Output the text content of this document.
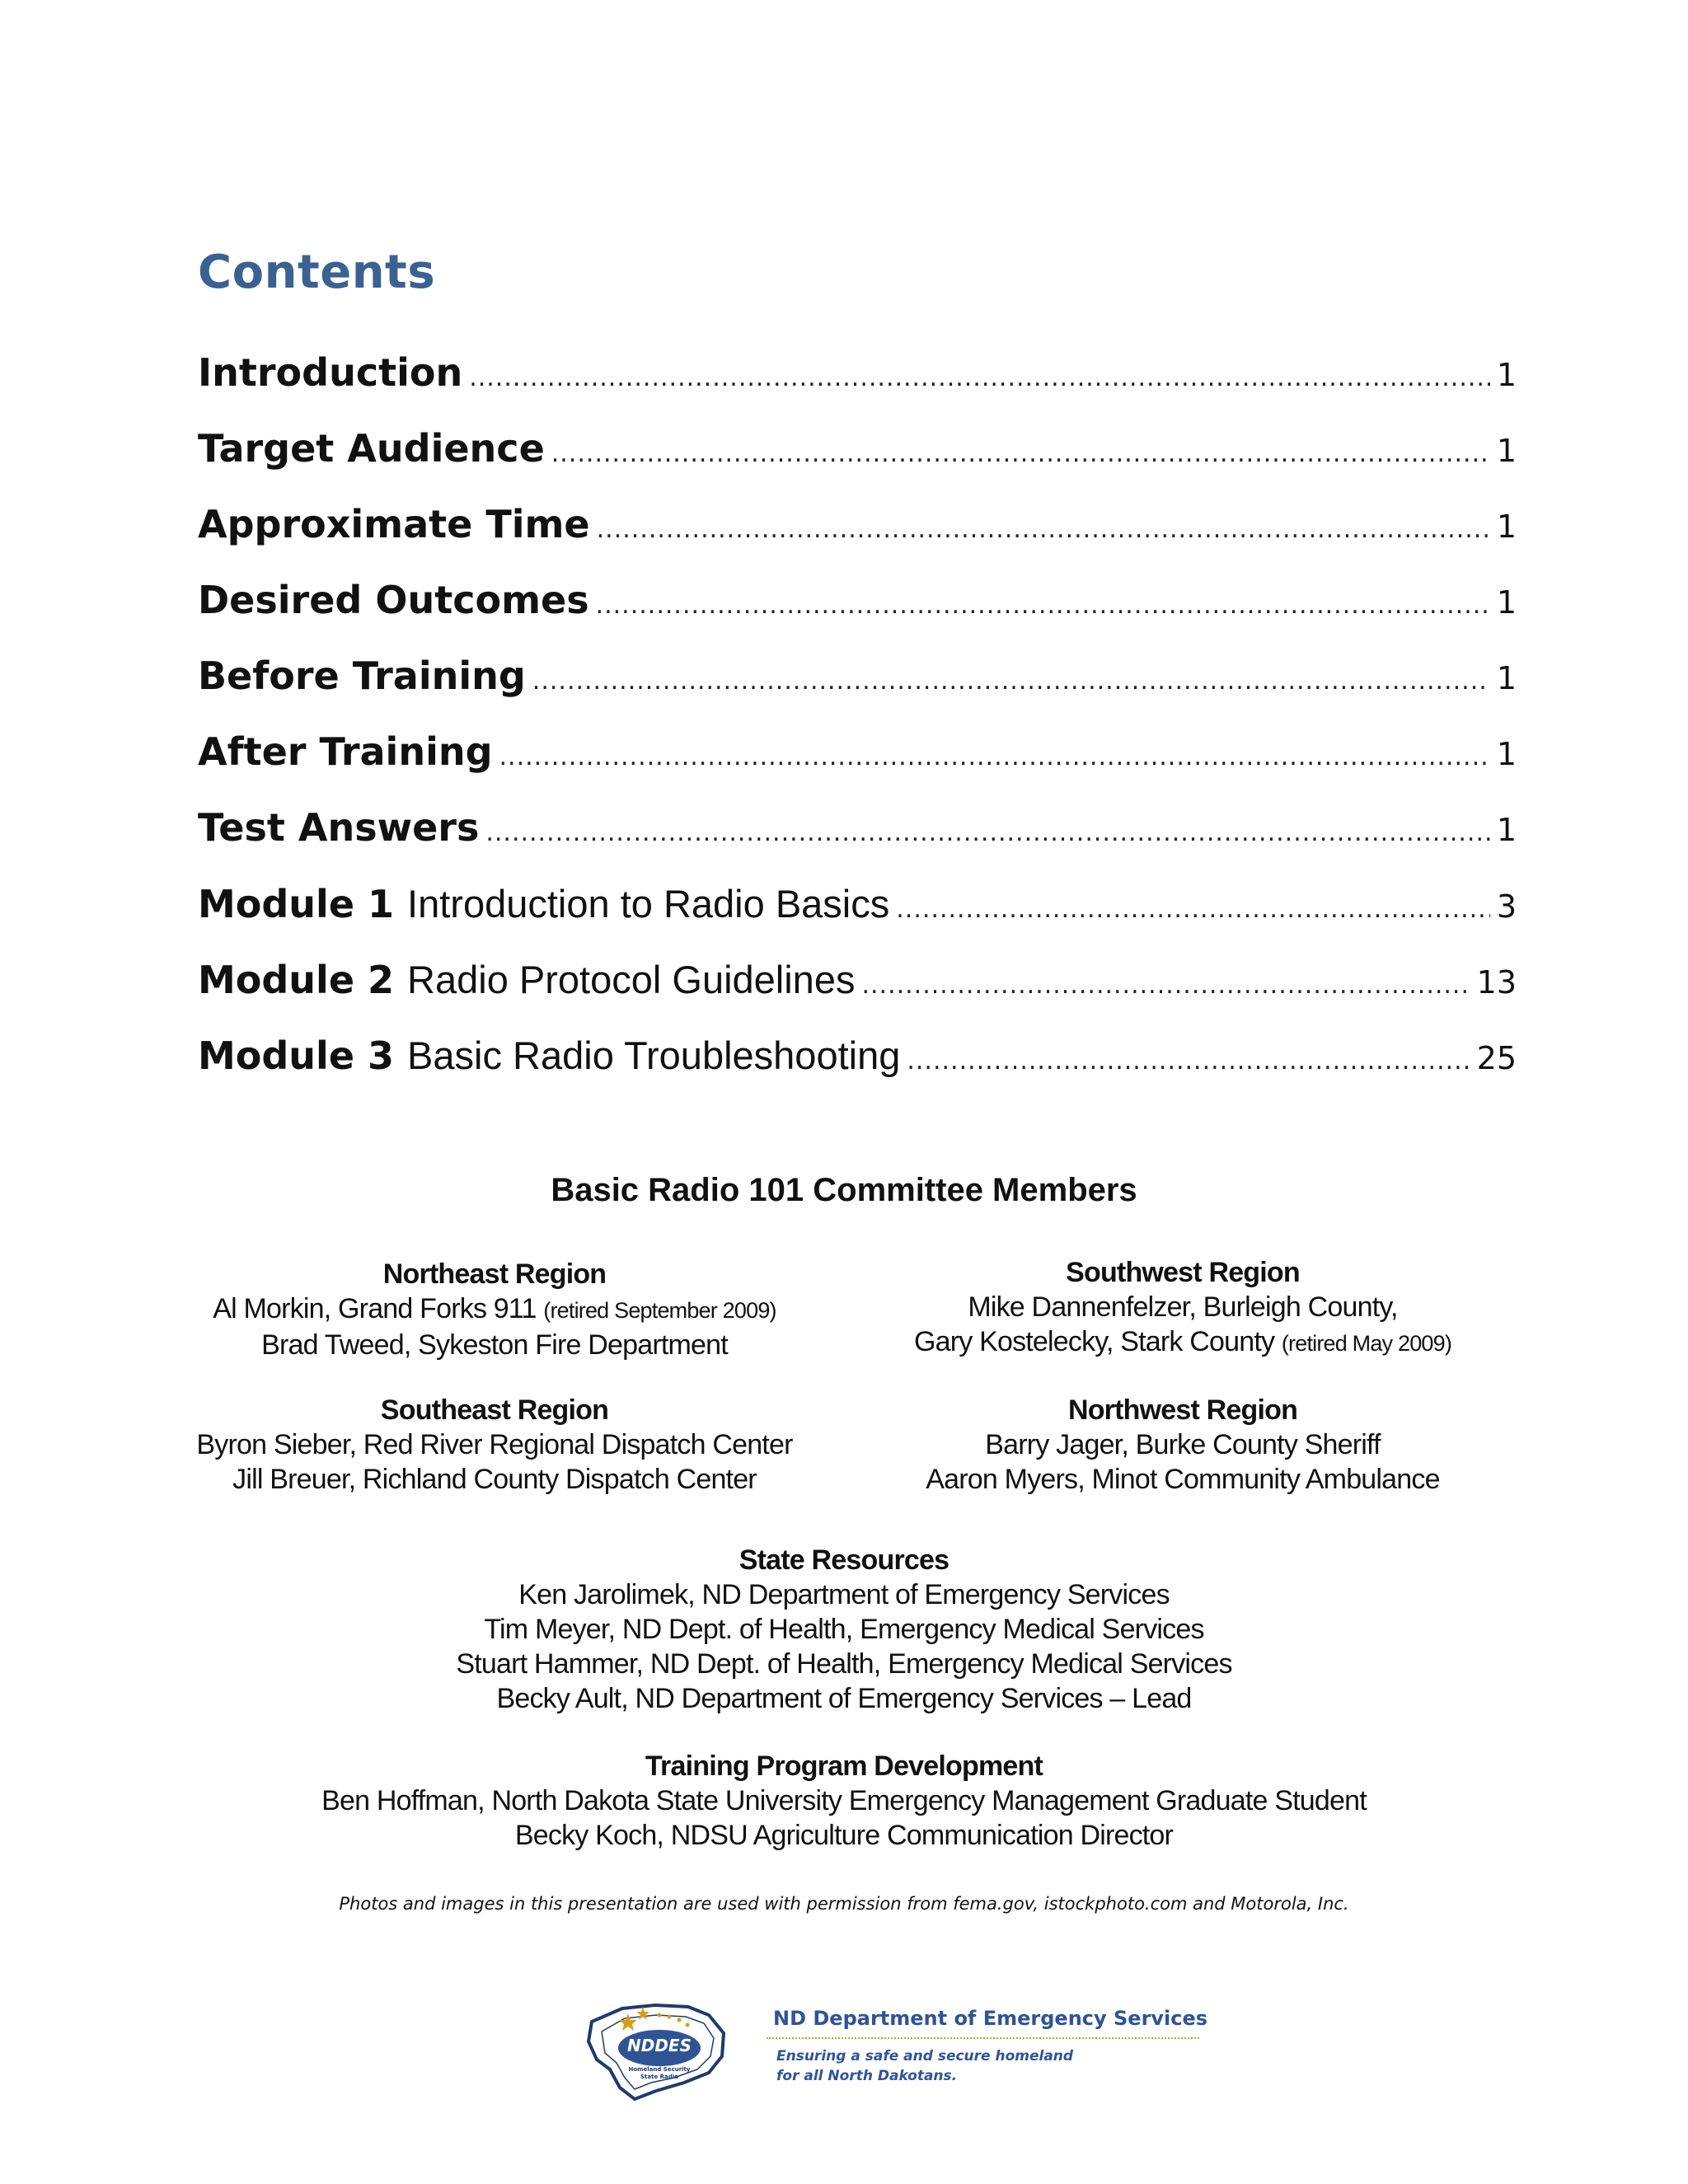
Contents
Introduction .....	1
Target Audience .....	1
Approximate Time .....	1
Desired Outcomes .....	1
Before Training .....	1
After Training .....	1
Test Answers .....	1
Module 1 Introduction to Radio Basics .....	3
Module 2 Radio Protocol Guidelines .....	13
Module 3 Basic Radio Troubleshooting .....	25
Basic Radio 101 Committee Members
Northeast Region
Al Morkin, Grand Forks 911 (retired September 2009)
Brad Tweed, Sykeston Fire Department
Southwest Region
Mike Dannenfelzer, Burleigh County,
Gary Kostelecky, Stark County (retired May 2009)
Southeast Region
Byron Sieber, Red River Regional Dispatch Center
Jill Breuer, Richland County Dispatch Center
Northwest Region
Barry Jager, Burke County Sheriff
Aaron Myers, Minot Community Ambulance
State Resources
Ken Jarolimek, ND Department of Emergency Services
Tim Meyer, ND Dept. of Health, Emergency Medical Services
Stuart Hammer, ND Dept. of Health, Emergency Medical Services
Becky Ault, ND Department of Emergency Services – Lead
Training Program Development
Ben Hoffman, North Dakota State University Emergency Management Graduate Student
Becky Koch, NDSU Agriculture Communication Director
Photos and images in this presentation are used with permission from fema.gov, istockphoto.com and Motorola, Inc.
NDDES
Homeland Security
State Radio
ND Department of Emergency Services
Ensuring a safe and secure homeland
for all North Dakotans.
